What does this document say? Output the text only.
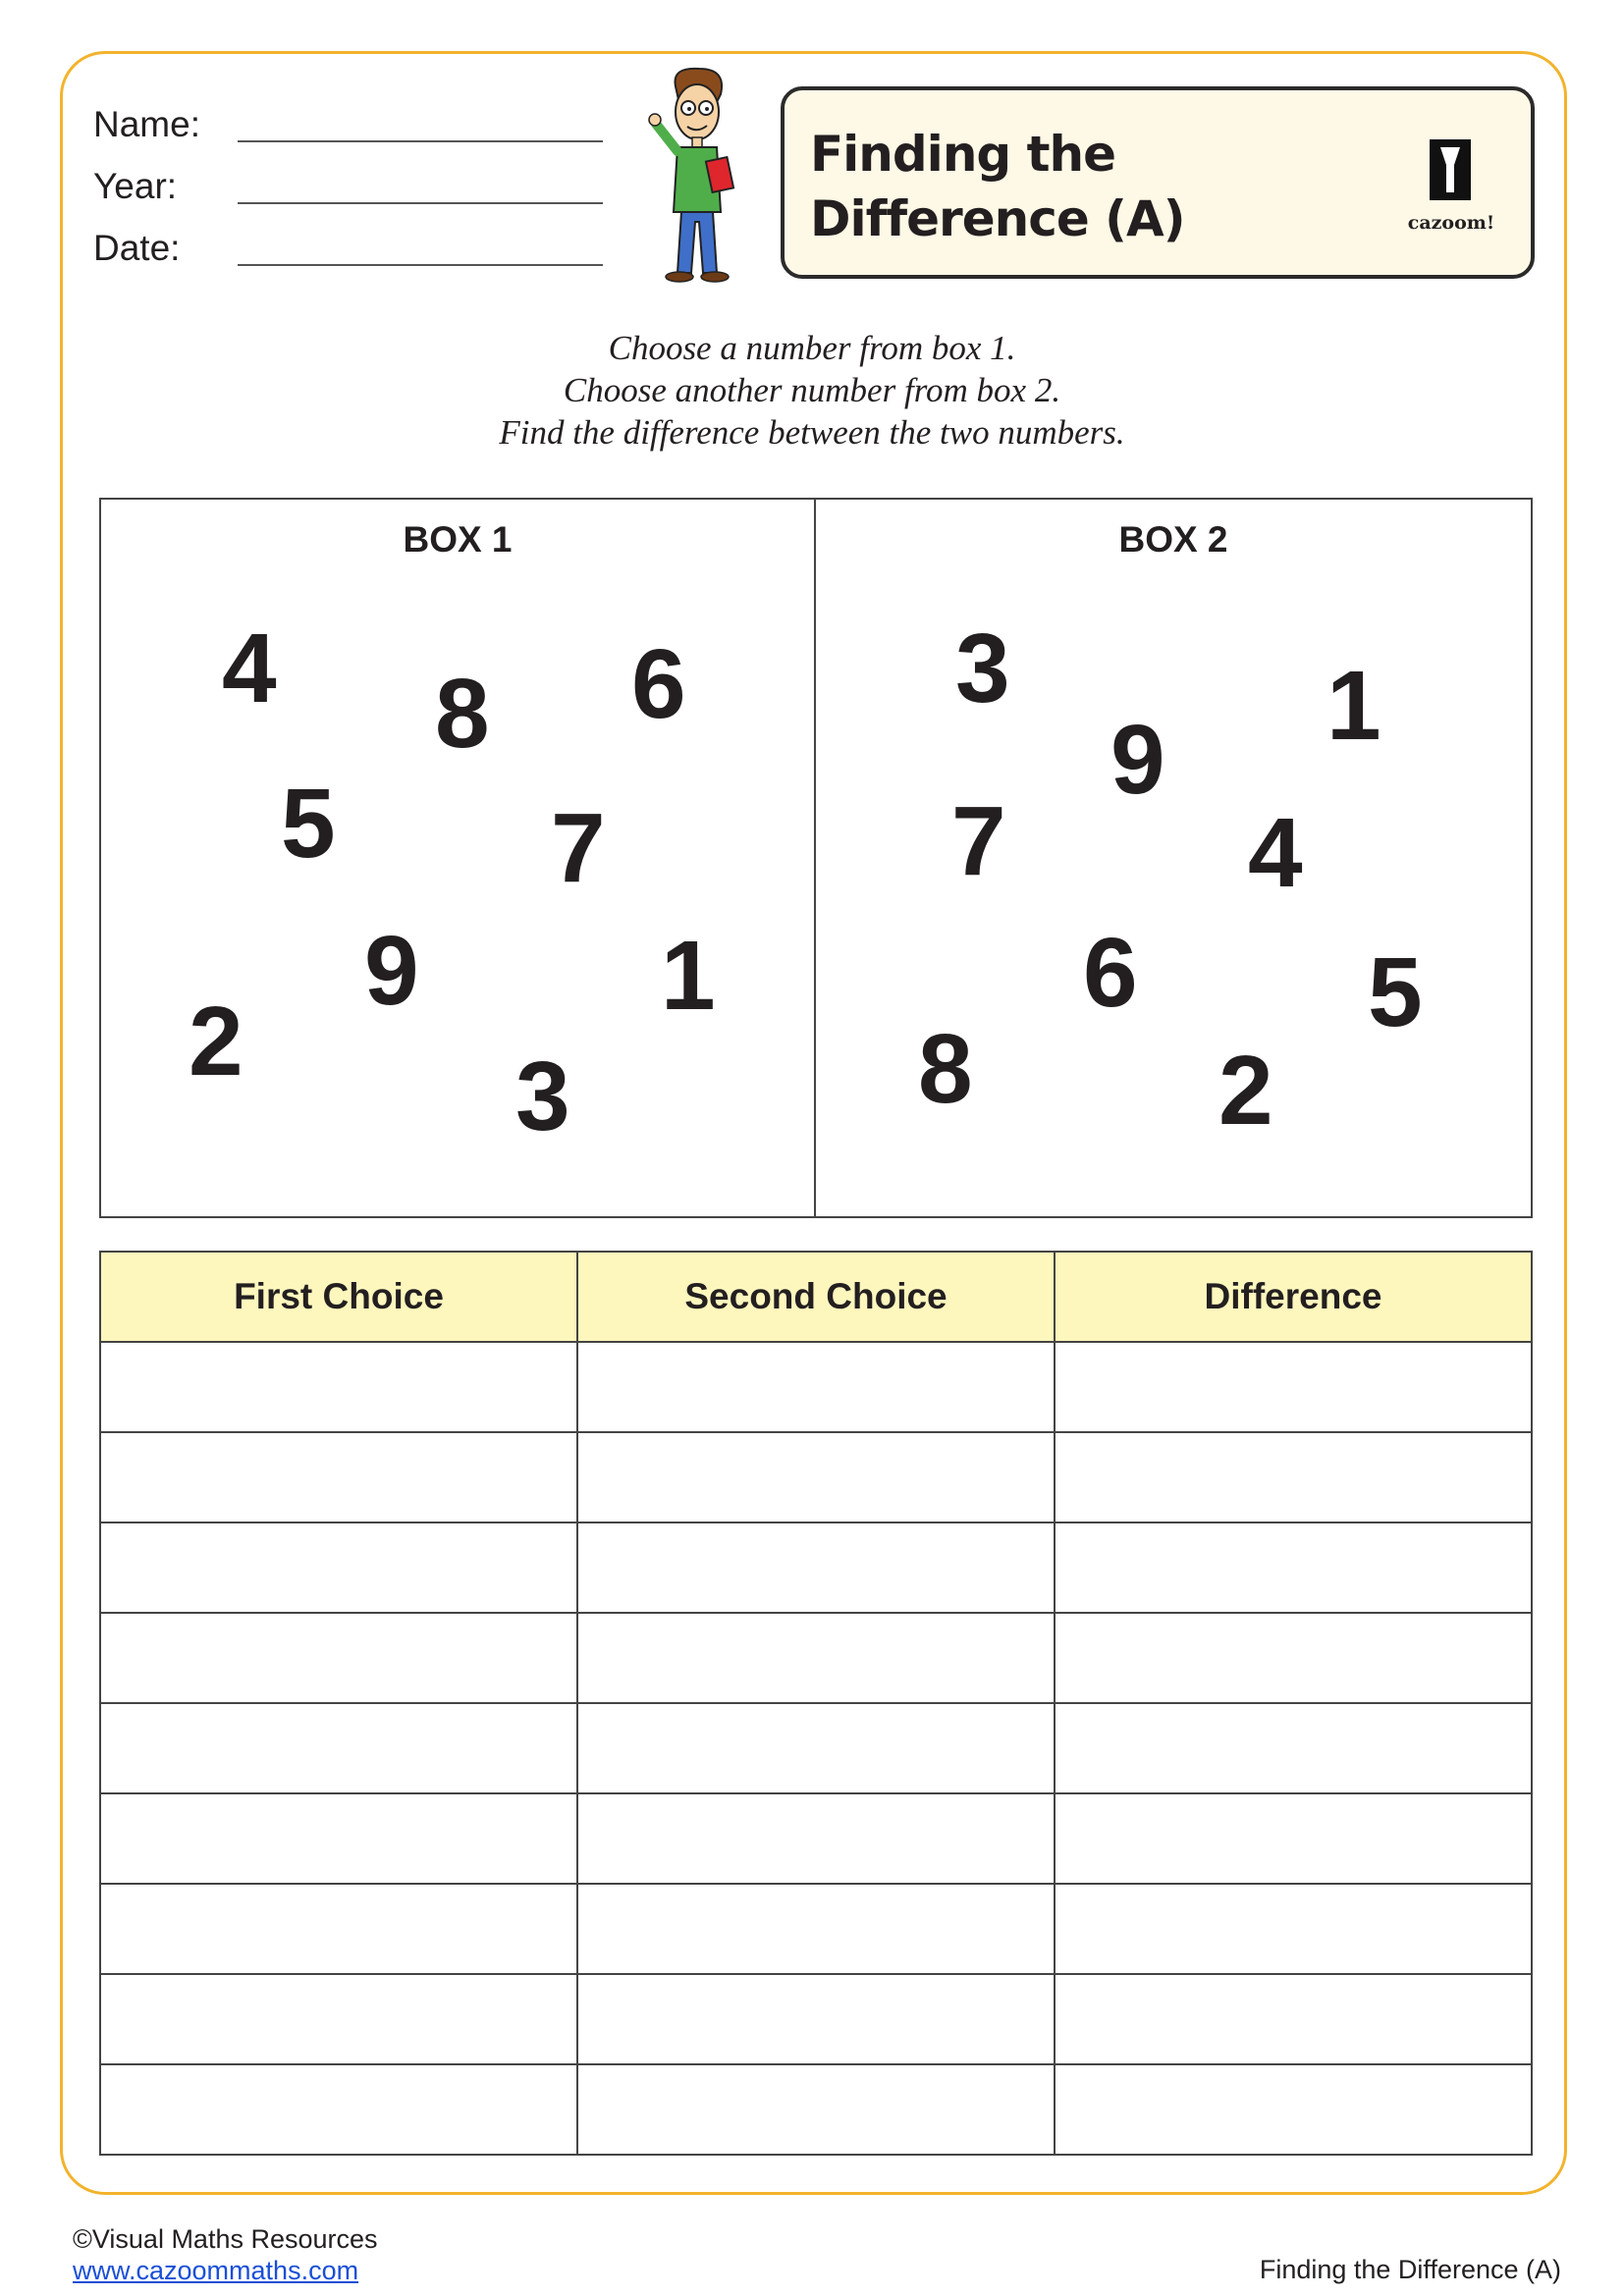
Name:
Year:
Date:
Finding the
Difference (A)	cazoom!
Choose a number from box 1.
Choose another number from box 2.
Find the difference between the two numbers.
BOX 1
4 8 6
5 7
9 1
2	3
BOX 2
3
9 1
7 4
6 5
8	2
First Choice	Second Choice	Difference

©Visual Maths Resources
www.cazoommaths.com	Finding the Difference (A)
